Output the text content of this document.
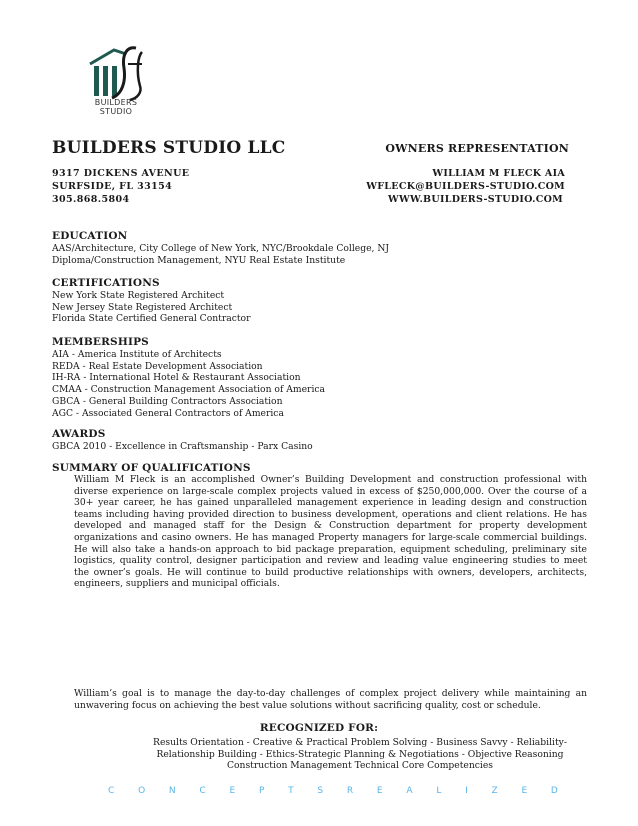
BUILDERS
STUDIO
BUILDERS STUDIO LLC	OWNERS REPRESENTATION
9317 DICKENS AVENUE
SURFSIDE, FL 33154
305.868.5804
WILLIAM M FLECK AIA
WFLECK@BUILDERS-STUDIO.COM
WWW.BUILDERS-STUDIO.COM
EDUCATION
AAS/Architecture, City College of New York, NYC/Brookdale College, NJ
Diploma/Construction Management, NYU Real Estate Institute
CERTIFICATIONS
New York State Registered Architect
New Jersey State Registered Architect
Florida State Certified General Contractor
MEMBERSHIPS
AIA - America Institute of Architects
REDA - Real Estate Development Association
IH-RA - International Hotel & Restaurant Association
CMAA - Construction Management Association of America
GBCA - General Building Contractors Association
AGC - Associated General Contractors of America
AWARDS
GBCA 2010 - Excellence in Craftsmanship - Parx Casino
SUMMARY OF QUALIFICATIONS
William M Fleck is an accomplished Owner’s Building Development and construction professional with diverse experience on large-scale complex projects valued in excess of $250,000,000. Over the course of a 30+ year career, he has gained unparalleled management experience in leading design and construction teams including having provided direction to business development, operations and client relations. He has developed and managed staff for the Design & Construction department for property development organizations and casino owners. He has managed Property managers for large-scale commercial buildings. He will also take a hands-on approach to bid package preparation, equipment scheduling, preliminary site logistics, quality control, designer participation and review and leading value engineering studies to meet the owner’s goals. He will continue to build productive relationships with owners, developers, architects, engineers, suppliers and municipal officials.
William’s goal is to manage the day-to-day challenges of complex project delivery while maintaining an unwavering focus on achieving the best value solutions without sacrificing quality, cost or schedule.
RECOGNIZED FOR:
Results Orientation - Creative & Practical Problem Solving - Business Savvy - Reliability-
Relationship Building - Ethics-Strategic Planning & Negotiations - Objective Reasoning
Construction Management Technical Core Competencies
C	O	N	C	E	P	T	S	R	E	A	L	I	Z	E	D
